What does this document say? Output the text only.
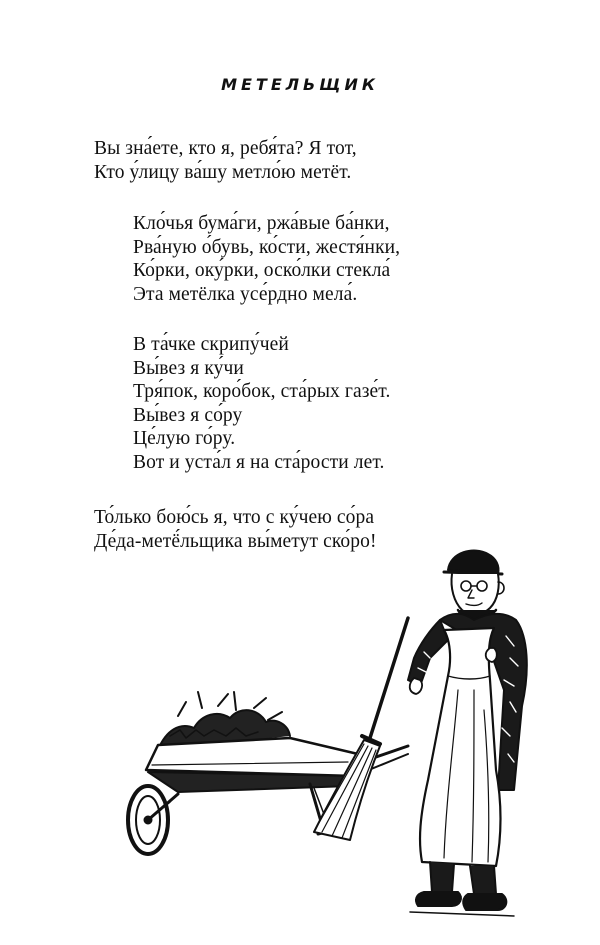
МЕТЕЛЬЩИК
Вы зна́ете, кто я, ребя́та? Я тот,
Кто у́лицу ва́шу метло́ю метёт.
Кло́чья бума́ги, ржа́вые ба́нки,
Рва́ную о́бувь, ко́сти, жестя́нки,
Ко́рки, оку́рки, оско́лки стекла́
Эта метёлка усе́рдно мела́.
В та́чке скрипу́чей
Вы́вез я ку́чи
Тря́пок, коро́бок, ста́рых газе́т.
Вы́вез я со́ру
Це́лую го́ру.
Вот и уста́л я на ста́рости лет.
То́лько бою́сь я, что с ку́чею со́ра
Де́да-метё́льщика вы́метут ско́ро!
